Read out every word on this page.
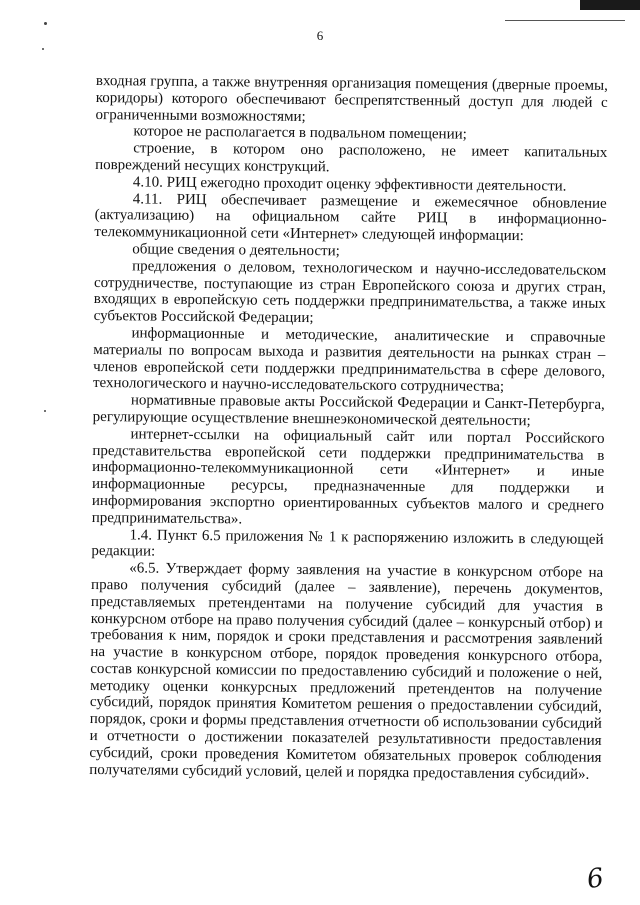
6

входная группа, а также внутренняя организация помещения (дверные проемы, коридоры) которого обеспечивают беспрепятственный доступ для людей с ограниченными возможностями;

которое не располагается в подвальном помещении;

строение, в котором оно расположено, не имеет капитальных повреждений несущих конструкций.

4.10. РИЦ ежегодно проходит оценку эффективности деятельности.

4.11. РИЦ обеспечивает размещение и ежемесячное обновление (актуализацию) на официальном сайте РИЦ в информационно-телекоммуникационной сети «Интернет» следующей информации:

общие сведения о деятельности;

предложения о деловом, технологическом и научно-исследовательском сотрудничестве, поступающие из стран Европейского союза и других стран, входящих в европейскую сеть поддержки предпринимательства, а также иных субъектов Российской Федерации;

информационные и методические, аналитические и справочные материалы по вопросам выхода и развития деятельности на рынках стран – членов европейской сети поддержки предпринимательства в сфере делового, технологического и научно-исследовательского сотрудничества;

нормативные правовые акты Российской Федерации и Санкт-Петербурга, регулирующие осуществление внешнеэкономической деятельности;

интернет-ссылки на официальный сайт или портал Российского представительства европейской сети поддержки предпринимательства в информационно-телекоммуникационной сети «Интернет» и иные информационные ресурсы, предназначенные для поддержки и информирования экспортно ориентированных субъектов малого и среднего предпринимательства».

1.4. Пункт 6.5 приложения № 1 к распоряжению изложить в следующей редакции:

«6.5. Утверждает форму заявления на участие в конкурсном отборе на право получения субсидий (далее – заявление), перечень документов, представляемых претендентами на получение субсидий для участия в конкурсном отборе на право получения субсидий (далее – конкурсный отбор) и требования к ним, порядок и сроки представления и рассмотрения заявлений на участие в конкурсном отборе, порядок проведения конкурсного отбора, состав конкурсной комиссии по предоставлению субсидий и положение о ней, методику оценки конкурсных предложений претендентов на получение субсидий, порядок принятия Комитетом решения о предоставлении субсидий, порядок, сроки и формы представления отчетности об использовании субсидий и отчетности о достижении показателей результативности предоставления субсидий, сроки проведения Комитетом обязательных проверок соблюдения получателями субсидий условий, целей и порядка предоставления субсидий».

6
